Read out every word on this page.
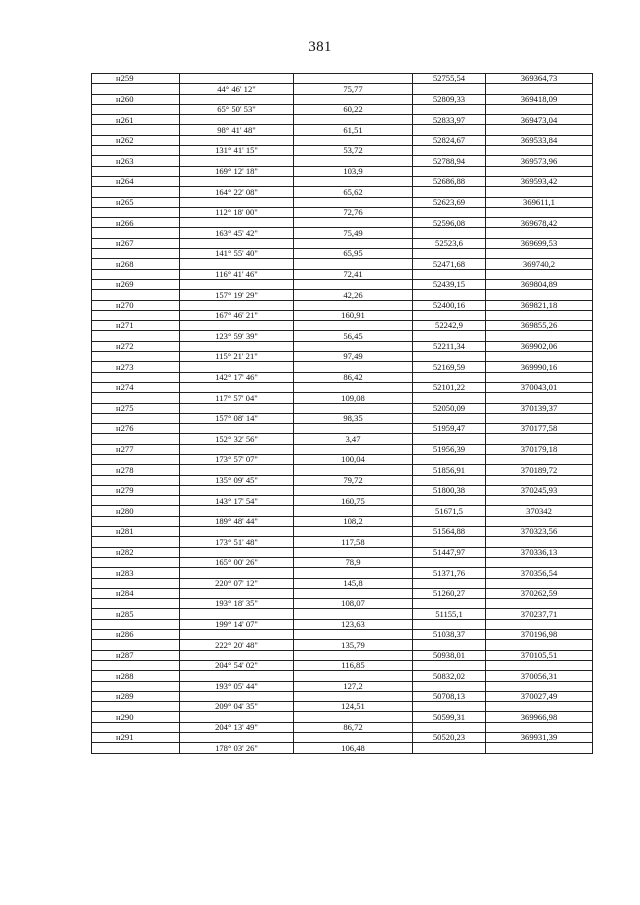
381
н259			52755,54	369364,73
	44° 46' 12"	75,77		
н260			52809,33	369418,09
	65° 50' 53"	60,22		
н261			52833,97	369473,04
	98° 41' 48"	61,51		
н262			52824,67	369533,84
	131° 41' 15"	53,72		
н263			52788,94	369573,96
	169° 12' 18"	103,9		
н264			52686,88	369593,42
	164° 22' 08"	65,62		
н265			52623,69	369611,1
	112° 18' 00"	72,76		
н266			52596,08	369678,42
	163° 45' 42"	75,49		
н267			52523,6	369699,53
	141° 55' 40"	65,95		
н268			52471,68	369740,2
	116° 41' 46"	72,41		
н269			52439,15	369804,89
	157° 19' 29"	42,26		
н270			52400,16	369821,18
	167° 46' 21"	160,91		
н271			52242,9	369855,26
	123° 59' 39"	56,45		
н272			52211,34	369902,06
	115° 21' 21"	97,49		
н273			52169,59	369990,16
	142° 17' 46"	86,42		
н274			52101,22	370043,01
	117° 57' 04"	109,08		
н275			52050,09	370139,37
	157° 08' 14"	98,35		
н276			51959,47	370177,58
	152° 32' 56"	3,47		
н277			51956,39	370179,18
	173° 57' 07"	100,04		
н278			51856,91	370189,72
	135° 09' 45"	79,72		
н279			51800,38	370245,93
	143° 17' 54"	160,75		
н280			51671,5	370342
	189° 48' 44"	108,2		
н281			51564,88	370323,56
	173° 51' 48"	117,58		
н282			51447,97	370336,13
	165° 00' 26"	78,9		
н283			51371,76	370356,54
	220° 07' 12"	145,8		
н284			51260,27	370262,59
	193° 18' 35"	108,07		
н285			51155,1	370237,71
	199° 14' 07"	123,63		
н286			51038,37	370196,98
	222° 20' 48"	135,79		
н287			50938,01	370105,51
	204° 54' 02"	116,85		
н288			50832,02	370056,31
	193° 05' 44"	127,2		
н289			50708,13	370027,49
	209° 04' 35"	124,51		
н290			50599,31	369966,98
	204° 13' 49"	86,72		
н291			50520,23	369931,39
	178° 03' 26"	106,48		
